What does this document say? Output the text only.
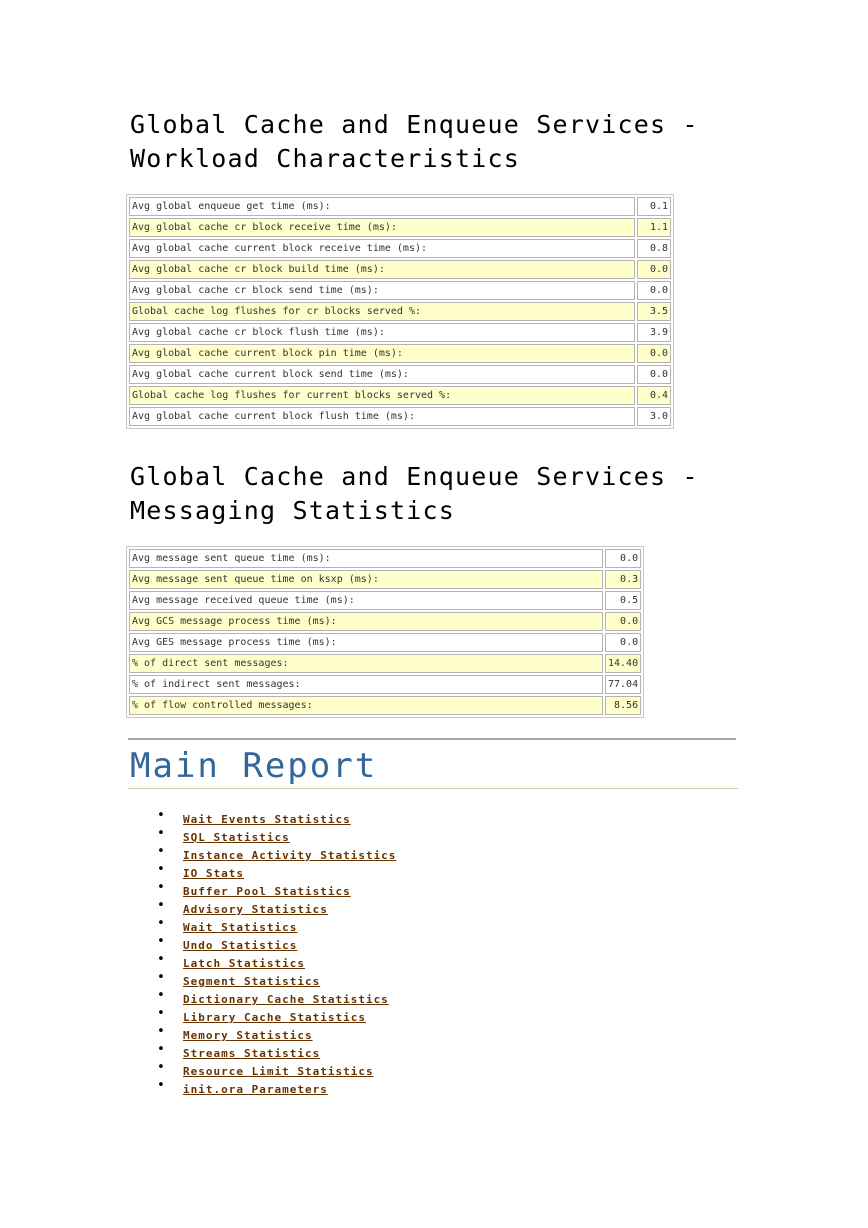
Global Cache and Enqueue Services - Workload Characteristics
Avg global enqueue get time (ms):	0.1
Avg global cache cr block receive time (ms):	1.1
Avg global cache current block receive time (ms):	0.8
Avg global cache cr block build time (ms):	0.0
Avg global cache cr block send time (ms):	0.0
Global cache log flushes for cr blocks served %:	3.5
Avg global cache cr block flush time (ms):	3.9
Avg global cache current block pin time (ms):	0.0
Avg global cache current block send time (ms):	0.0
Global cache log flushes for current blocks served %:	0.4
Avg global cache current block flush time (ms):	3.0
Global Cache and Enqueue Services - Messaging Statistics
Avg message sent queue time (ms):	0.0
Avg message sent queue time on ksxp (ms):	0.3
Avg message received queue time (ms):	0.5
Avg GCS message process time (ms):	0.0
Avg GES message process time (ms):	0.0
% of direct sent messages:	14.40
% of indirect sent messages:	77.04
% of flow controlled messages:	8.56
Main Report
• Wait Events Statistics
• SQL Statistics
• Instance Activity Statistics
• IO Stats
• Buffer Pool Statistics
• Advisory Statistics
• Wait Statistics
• Undo Statistics
• Latch Statistics
• Segment Statistics
• Dictionary Cache Statistics
• Library Cache Statistics
• Memory Statistics
• Streams Statistics
• Resource Limit Statistics
• init.ora Parameters
